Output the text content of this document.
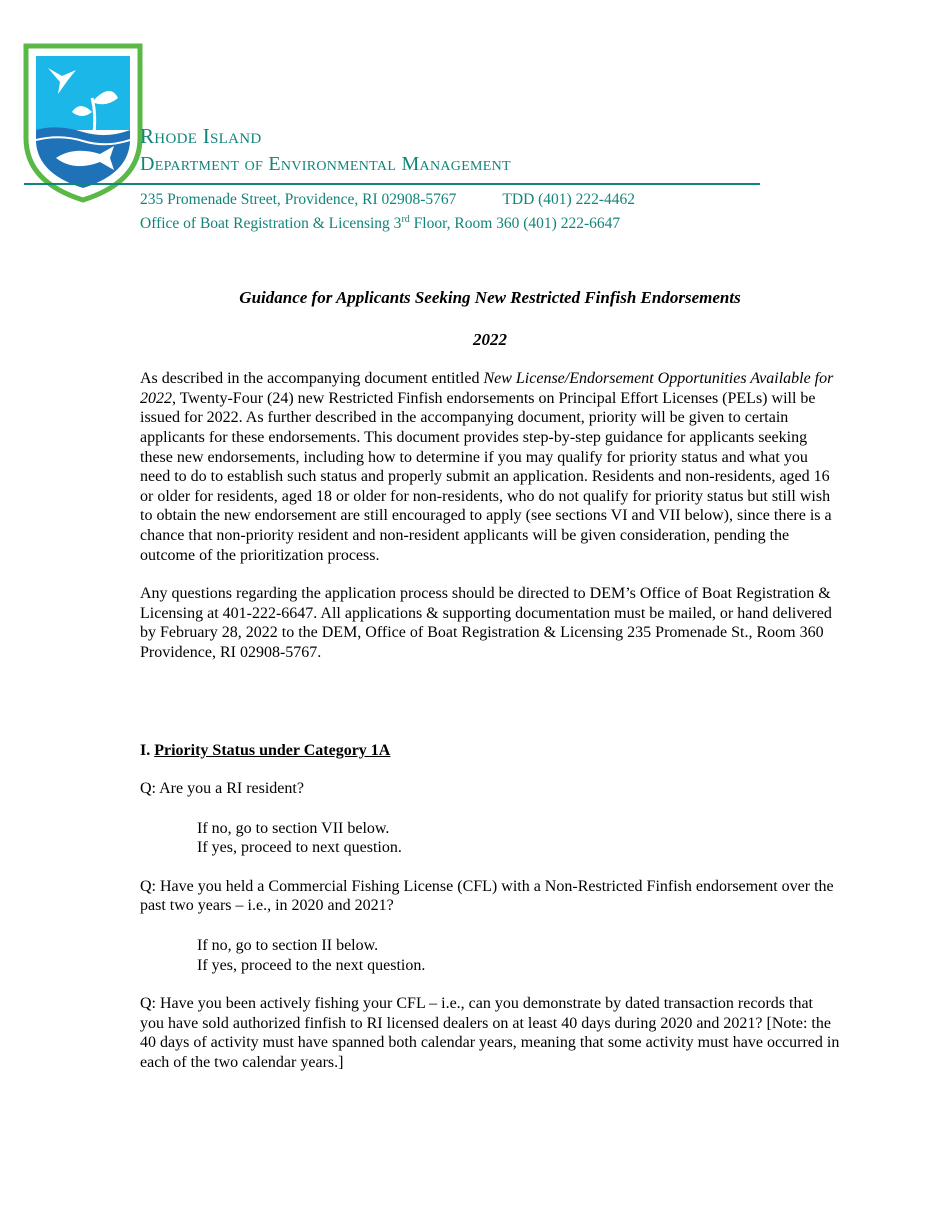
Rhode Island
Department of Environmental Management
235 Promenade Street, Providence, RI 02908-5767	TDD (401) 222-4462
Office of Boat Registration & Licensing 3rd Floor, Room 360 (401) 222-6647

Guidance for Applicants Seeking New Restricted Finfish Endorsements

2022

As described in the accompanying document entitled New License/Endorsement Opportunities Available for 2022, Twenty-Four (24) new Restricted Finfish endorsements on Principal Effort Licenses (PELs) will be issued for 2022. As further described in the accompanying document, priority will be given to certain applicants for these endorsements. This document provides step-by-step guidance for applicants seeking these new endorsements, including how to determine if you may qualify for priority status and what you need to do to establish such status and properly submit an application. Residents and non-residents, aged 16 or older for residents, aged 18 or older for non-residents, who do not qualify for priority status but still wish to obtain the new endorsement are still encouraged to apply (see sections VI and VII below), since there is a chance that non-priority resident and non-resident applicants will be given consideration, pending the outcome of the prioritization process.

Any questions regarding the application process should be directed to DEM’s Office of Boat Registration & Licensing at 401-222-6647. All applications & supporting documentation must be mailed, or hand delivered by February 28, 2022 to the DEM, Office of Boat Registration & Licensing 235 Promenade St., Room 360 Providence, RI 02908-5767.

I. Priority Status under Category 1A

Q: Are you a RI resident?

If no, go to section VII below.
If yes, proceed to next question.

Q: Have you held a Commercial Fishing License (CFL) with a Non-Restricted Finfish endorsement over the past two years – i.e., in 2020 and 2021?

If no, go to section II below.
If yes, proceed to the next question.

Q: Have you been actively fishing your CFL – i.e., can you demonstrate by dated transaction records that you have sold authorized finfish to RI licensed dealers on at least 40 days during 2020 and 2021? [Note: the 40 days of activity must have spanned both calendar years, meaning that some activity must have occurred in each of the two calendar years.]
